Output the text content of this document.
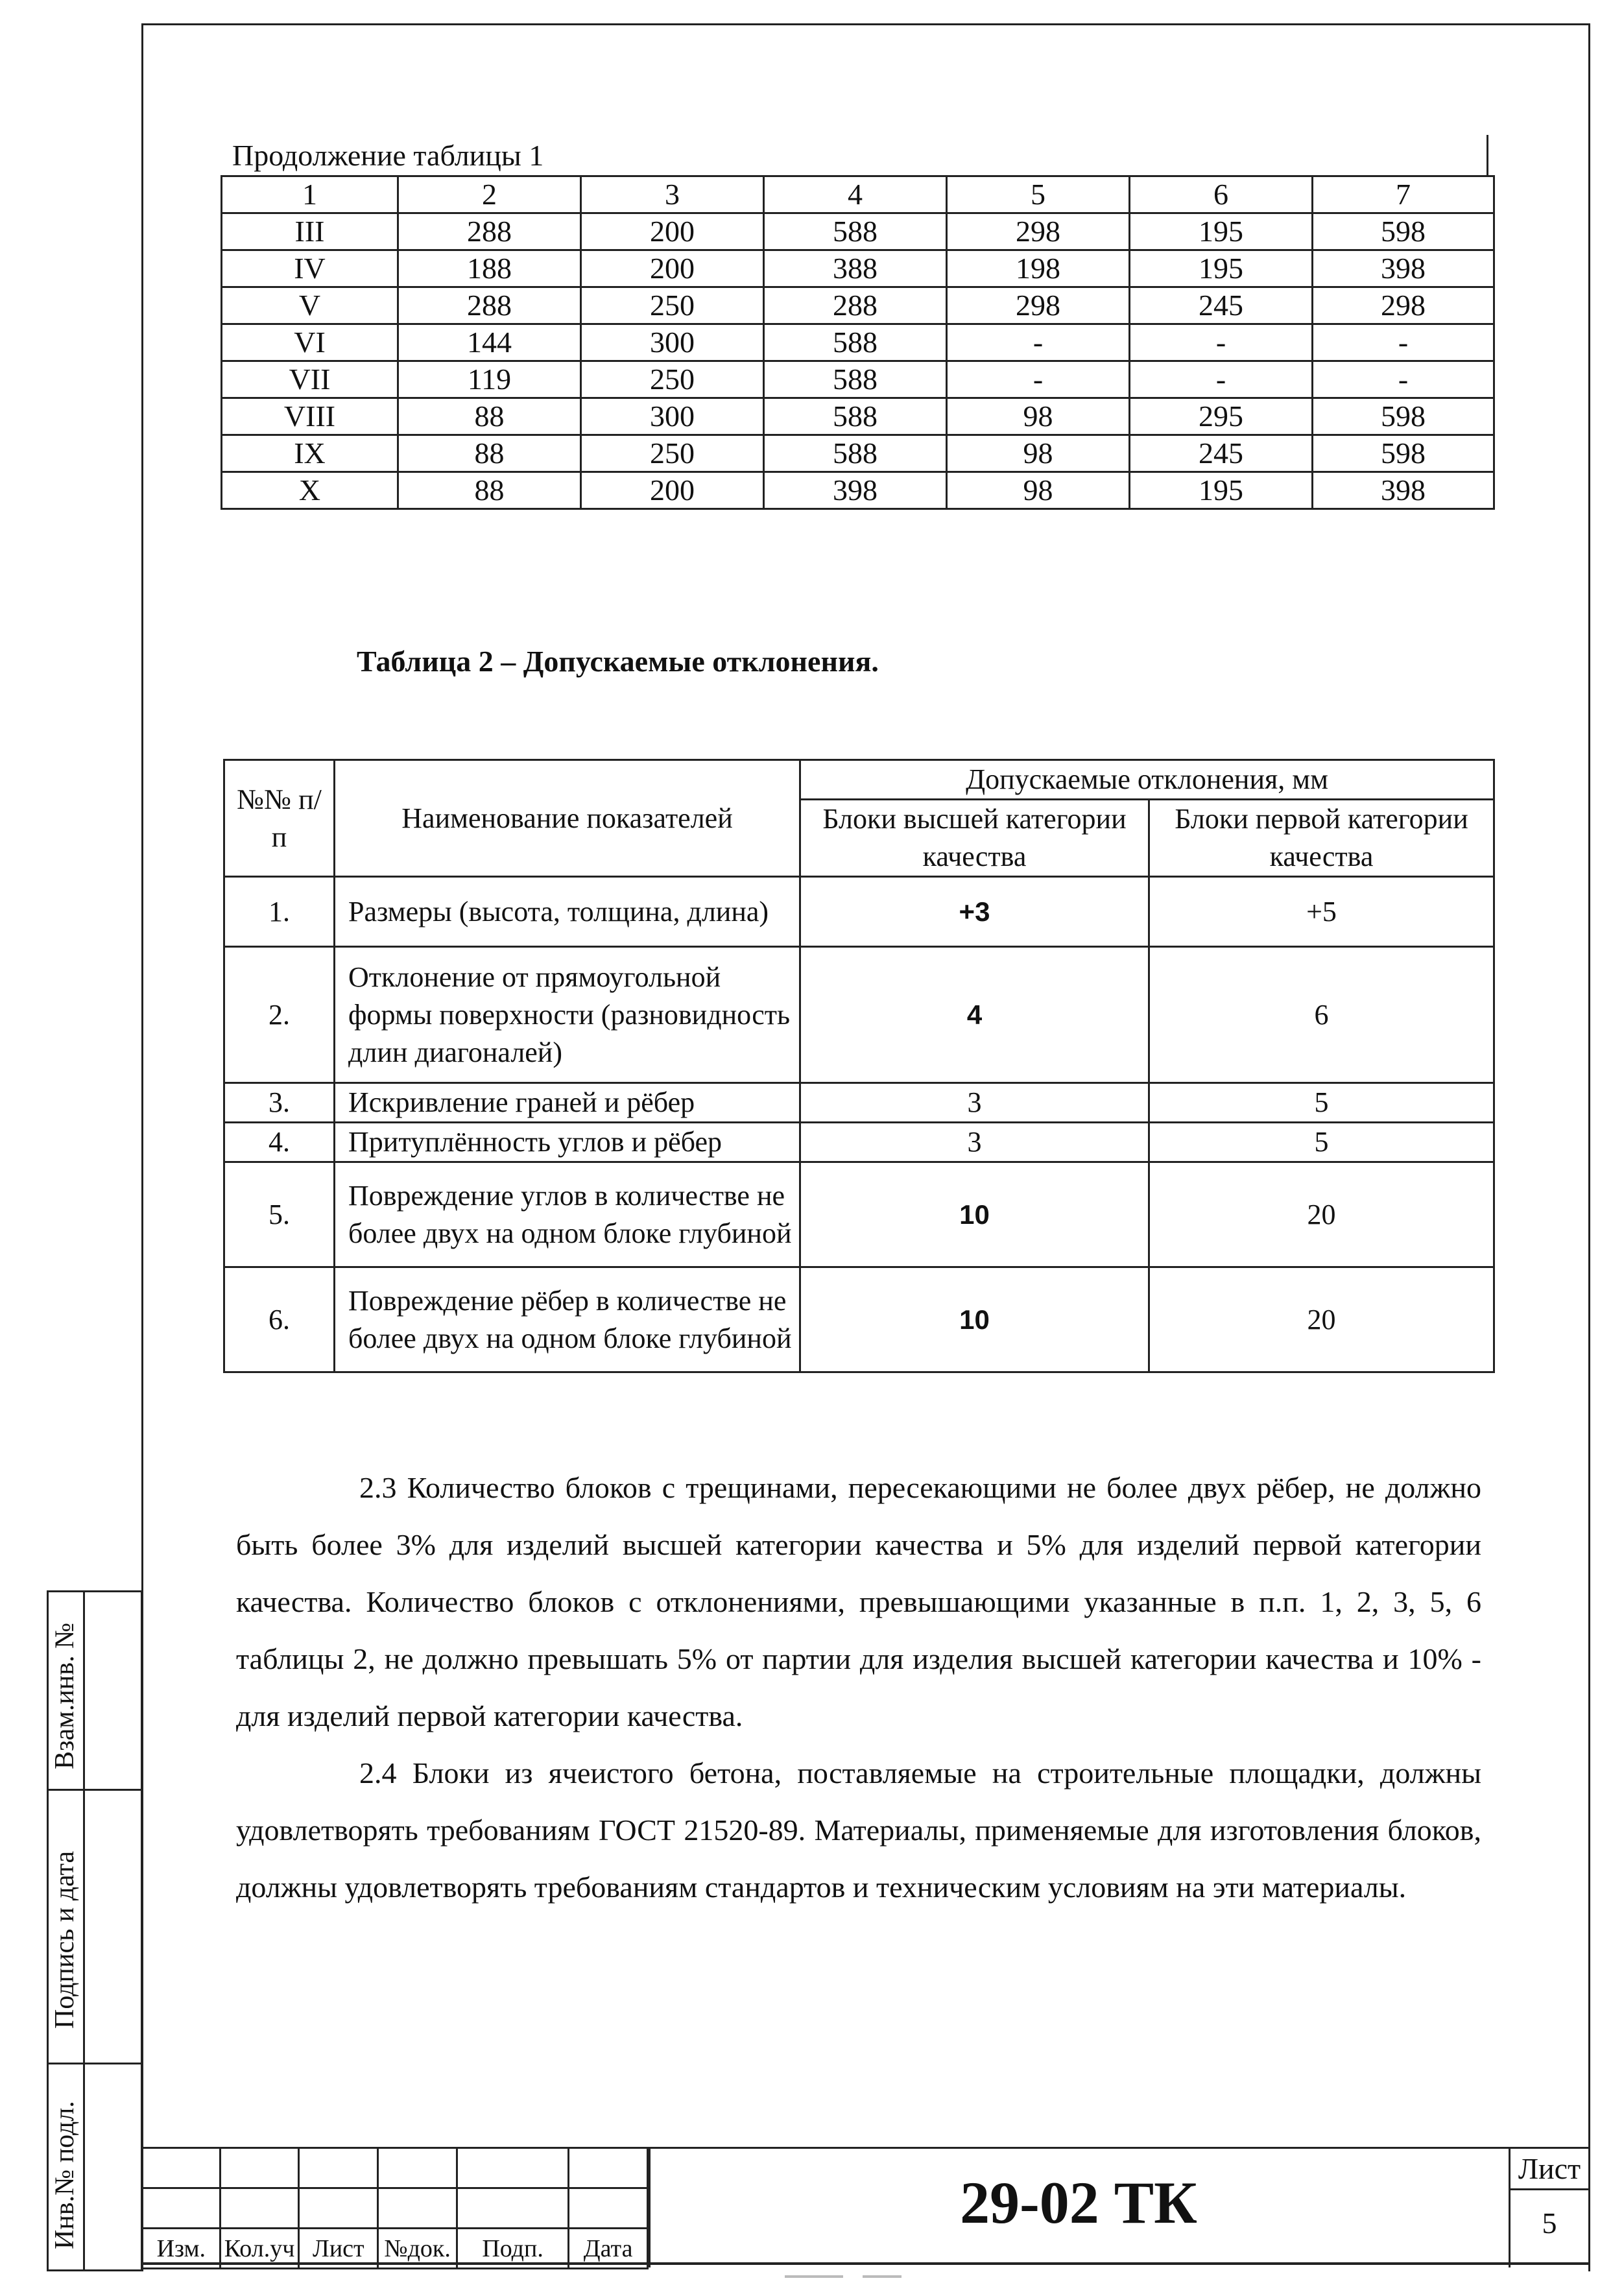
Продолжение таблицы 1
1	2	3	4	5	6	7
III	288	200	588	298	195	598
IV	188	200	388	198	195	398
V	288	250	288	298	245	298
VI	144	300	588	-	-	-
VII	119	250	588	-	-	-
VIII	88	300	588	98	295	598
IX	88	250	588	98	245	598
X	88	200	398	98	195	398
Таблица 2 – Допускаемые отклонения.
№№ п/п	Наименование показателей	Допускаемые отклонения, мм	
		Блоки высшей категории качества	Блоки первой категории качества
1.	Размеры (высота, толщина, длина)	+3	+5
2.	Отклонение от прямоугольной формы поверхности (разновидность длин диагоналей)	4	6
3.	Искривление граней и рёбер	3	5
4.	Притуплённость углов и рёбер	3	5
5.	Повреждение углов в количестве не более двух на одном блоке глубиной	10	20
6.	Повреждение рёбер в количестве не более двух на одном блоке глубиной	10	20
2.3 Количество блоков с трещинами, пересекающими не более двух рёбер, не должно быть более 3% для изделий высшей категории качества и 5% для изделий первой категории качества. Количество блоков с отклонениями, превышающими указанные в п.п. 1, 2, 3, 5, 6 таблицы 2, не должно превышать 5% от партии для изделия высшей категории качества и 10% - для изделий первой категории качества.
2.4 Блоки из ячеистого бетона, поставляемые на строительные площадки, должны удовлетворять требованиям ГОСТ 21520-89. Материалы, применяемые для изготовления блоков, должны удовлетворять требованиям стандартов и техническим условиям на эти материалы.
Взам.инв. №
Подпись и дата
Инв.№ подл.

						Изм.	Кол.уч	Лист	№док.	Подп.	Дата
29-02 ТК
Лист
5
